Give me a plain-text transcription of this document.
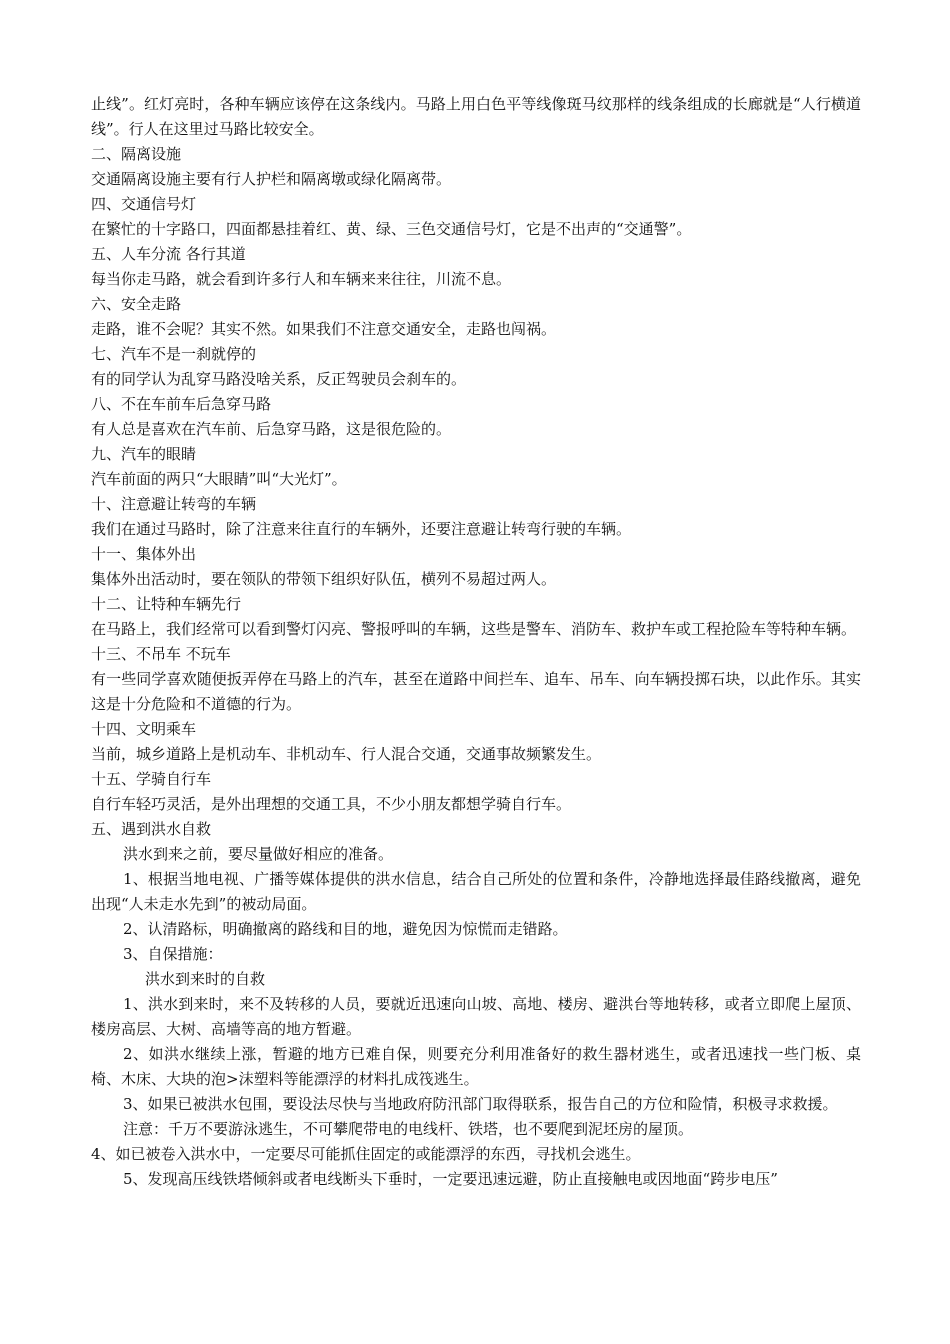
止线”。红灯亮时，各种车辆应该停在这条线内。马路上用白色平等线像斑马纹那样的线条组成的长廊就是“人行横道线”。行人在这里过马路比较安全。
二、隔离设施
交通隔离设施主要有行人护栏和隔离墩或绿化隔离带。
四、交通信号灯
在繁忙的十字路口，四面都悬挂着红、黄、绿、三色交通信号灯，它是不出声的“交通警”。
五、人车分流 各行其道
每当你走马路，就会看到许多行人和车辆来来往往，川流不息。
六、安全走路
走路，谁不会呢？其实不然。如果我们不注意交通安全，走路也闯祸。
七、汽车不是一刹就停的
有的同学认为乱穿马路没啥关系，反正驾驶员会刹车的。
八、不在车前车后急穿马路
有人总是喜欢在汽车前、后急穿马路，这是很危险的。
九、汽车的眼睛
汽车前面的两只“大眼睛”叫“大光灯”。
十、注意避让转弯的车辆
我们在通过马路时，除了注意来往直行的车辆外，还要注意避让转弯行驶的车辆。
十一、集体外出
集体外出活动时，要在领队的带领下组织好队伍，横列不易超过两人。
十二、让特种车辆先行
在马路上，我们经常可以看到警灯闪亮、警报呼叫的车辆，这些是警车、消防车、救护车或工程抢险车等特种车辆。
十三、不吊车 不玩车
有一些同学喜欢随便扳弄停在马路上的汽车，甚至在道路中间拦车、追车、吊车、向车辆投掷石块，以此作乐。其实这是十分危险和不道德的行为。
十四、文明乘车
当前，城乡道路上是机动车、非机动车、行人混合交通，交通事故频繁发生。
十五、学骑自行车
自行车轻巧灵活，是外出理想的交通工具，不少小朋友都想学骑自行车。
五、遇到洪水自救
洪水到来之前，要尽量做好相应的准备。
1、根据当地电视、广播等媒体提供的洪水信息，结合自己所处的位置和条件，冷静地选择最佳路线撤离，避免出现“人未走水先到”的被动局面。
2、认清路标，明确撤离的路线和目的地，避免因为惊慌而走错路。
3、自保措施：
洪水到来时的自救
1、洪水到来时，来不及转移的人员，要就近迅速向山坡、高地、楼房、避洪台等地转移，或者立即爬上屋顶、楼房高层、大树、高墙等高的地方暂避。
2、如洪水继续上涨，暂避的地方已难自保，则要充分利用准备好的救生器材逃生，或者迅速找一些门板、桌椅、木床、大块的泡>沫塑料等能漂浮的材料扎成筏逃生。
3、如果已被洪水包围，要设法尽快与当地政府防汛部门取得联系，报告自己的方位和险情，积极寻求救援。
注意：千万不要游泳逃生，不可攀爬带电的电线杆、铁塔，也不要爬到泥坯房的屋顶。
4、如已被卷入洪水中，一定要尽可能抓住固定的或能漂浮的东西，寻找机会逃生。
5、发现高压线铁塔倾斜或者电线断头下垂时，一定要迅速远避，防止直接触电或因地面“跨步电压”
